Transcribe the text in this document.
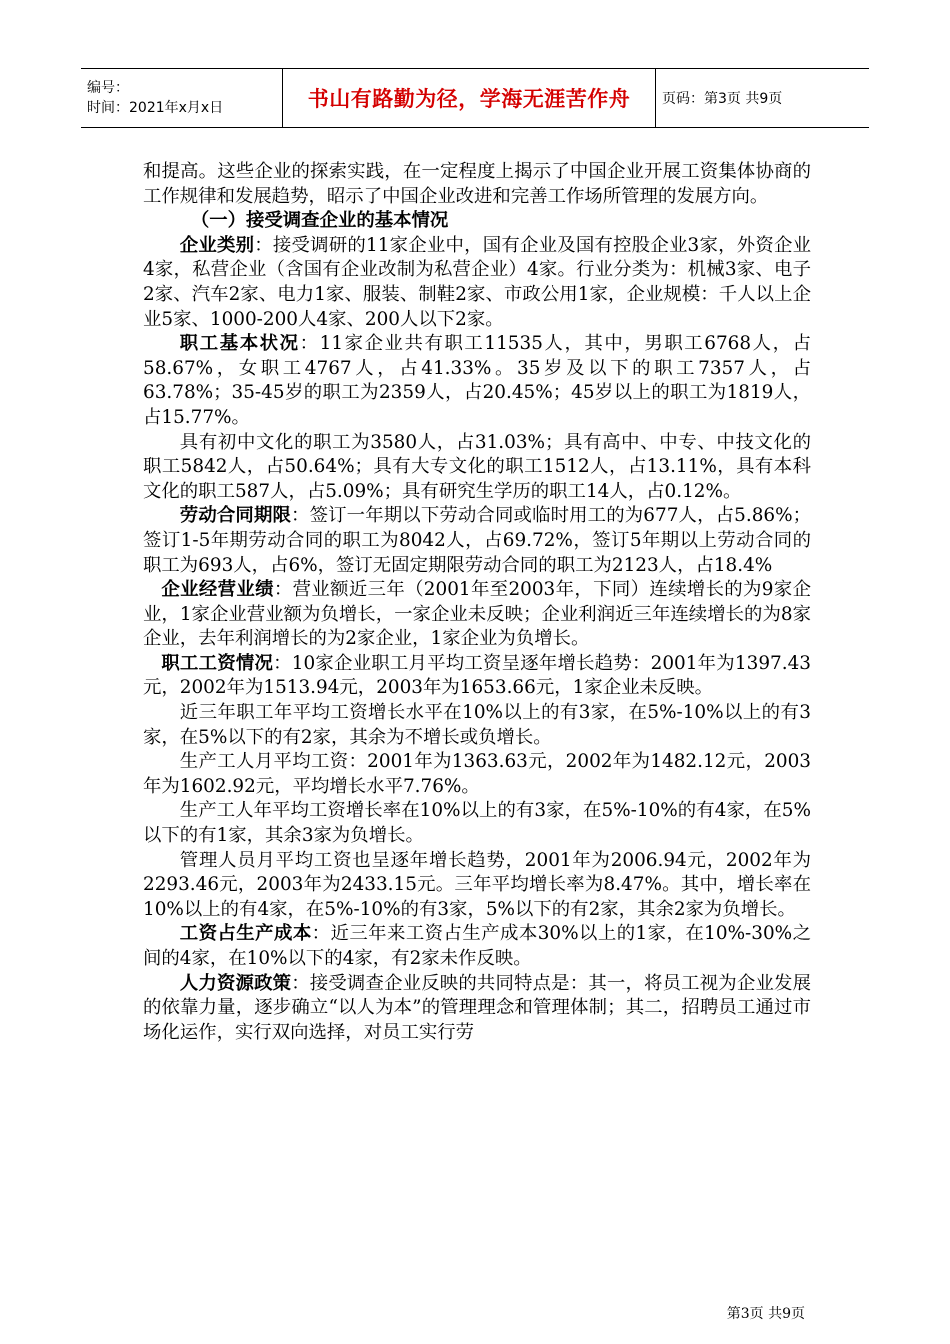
编号：
时间：2021年x月x日	书山有路勤为径，学海无涯苦作舟	页码：第3页 共9页

和提高。这些企业的探索实践，在一定程度上揭示了中国企业开展工资集体协商的工作规律和发展趋势，昭示了中国企业改进和完善工作场所管理的发展方向。

（一）接受调查企业的基本情况

企业类别：接受调研的11家企业中，国有企业及国有控股企业3家，外资企业4家，私营企业（含国有企业改制为私营企业）4家。行业分类为：机械3家、电子2家、汽车2家、电力1家、服装、制鞋2家、市政公用1家，企业规模：千人以上企业5家、1000-200人4家、200人以下2家。

职工基本状况：11家企业共有职工11535人，其中，男职工6768人，占58.67%，女职工4767人，占41.33%。35岁及以下的职工7357人，占63.78%；35-45岁的职工为2359人，占20.45%；45岁以上的职工为1819人，占15.77%。

具有初中文化的职工为3580人，占31.03%；具有高中、中专、中技文化的职工5842人，占50.64%；具有大专文化的职工1512人，占13.11%，具有本科文化的职工587人，占5.09%；具有研究生学历的职工14人，占0.12%。

劳动合同期限：签订一年期以下劳动合同或临时用工的为677人，占5.86%；签订1-5年期劳动合同的职工为8042人，占69.72%，签订5年期以上劳动合同的职工为693人，占6%，签订无固定期限劳动合同的职工为2123人，占18.4%

企业经营业绩：营业额近三年（2001年至2003年，下同）连续增长的为9家企业，1家企业营业额为负增长，一家企业未反映；企业利润近三年连续增长的为8家企业，去年利润增长的为2家企业，1家企业为负增长。

职工工资情况：10家企业职工月平均工资呈逐年增长趋势：2001年为1397.43元，2002年为1513.94元，2003年为1653.66元，1家企业未反映。

近三年职工年平均工资增长水平在10%以上的有3家，在5%-10%以上的有3家，在5%以下的有2家，其余为不增长或负增长。

生产工人月平均工资：2001年为1363.63元，2002年为1482.12元，2003年为1602.92元，平均增长水平7.76%。

生产工人年平均工资增长率在10%以上的有3家，在5%-10%的有4家，在5%以下的有1家，其余3家为负增长。

管理人员月平均工资也呈逐年增长趋势，2001年为2006.94元，2002年为2293.46元，2003年为2433.15元。三年平均增长率为8.47%。其中，增长率在10%以上的有4家，在5%-10%的有3家，5%以下的有2家，其余2家为负增长。

工资占生产成本：近三年来工资占生产成本30%以上的1家，在10%-30%之间的4家，在10%以下的4家，有2家未作反映。

人力资源政策：接受调查企业反映的共同特点是：其一，将员工视为企业发展的依靠力量，逐步确立“以人为本”的管理理念和管理体制；其二，招聘员工通过市场化运作，实行双向选择，对员工实行劳

第3页 共9页
